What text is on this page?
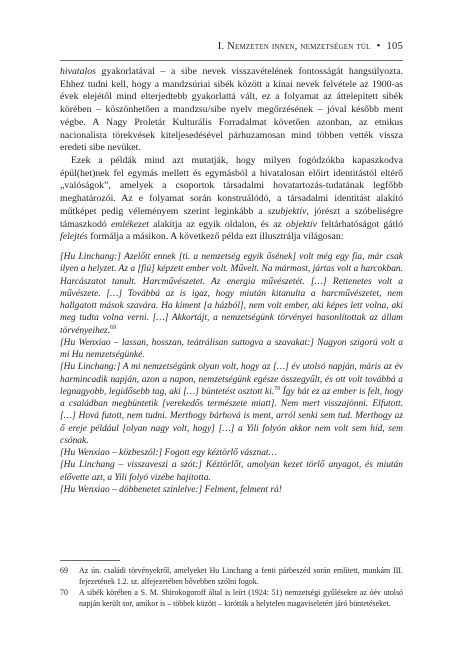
I. Nemzeten innen, nemzetségen túl • 105

hivatalos gyakorlatával – a sibe nevek visszavételének fontosságát hangsúlyozta. Ehhez tudni kell, hogy a mandzsúriai sibék között a kínai nevek felvétele az 1900-as évek elejétől mind elterjedtebb gyakorlattá vált, ez a folyamat az áttelepített sibék körében – köszönhetően a mandzsu/sibe nyelv megőrzésének – jóval később ment végbe. A Nagy Proletár Kulturális Forradalmat követően azonban, az etnikus nacionalista törekvések kiteljesedésével párhuzamosan mind többen vették vissza eredeti sibe nevüket.

Ezek a példák mind azt mutatják, hogy milyen fogódzókba kapaszkodva épül(het)nek fel egymás mellett és egymásból a hivatalosan előírt identitástól eltérő „valóságok”, amelyek a csoportok társadalmi hovatartozás-tudatának legfőbb meghatározói. Az e folyamat során konstruálódó, a társadalmi identitást alakító műtképet pedig véleményem szerint leginkább a szubjektív, jórészt a szóbeliségre támaszkodó emlékezet alakítja az egyik oldalon, és az objektív feltárhatóságot gátló felejtés formálja a másikon. A következő példa ezt illusztrálja világosan:

[Hu Linchang:] Azelőtt ennek [ti. a nemzetség egyik ősének] volt még egy fia, már csak ilyen a helyzet. Az a [fiú] képzett ember volt. Művelt. Na mármost, jártas volt a harcokban. Harcászatot tanult. Harcművészetet. Az energia művészetét. […] Rettenetes volt a művészete. […] Továbbá az is igaz, hogy miután kitanulta a harcművészetet, nem hallgatott mások szavára. Ha kiment [a házból], nem volt ember, aki képes lett volna, aki meg tudta volna verni. […] Akkortájt, a nemzetségünk törvényei hasonlítottak az állam törvényeihez.$^{69}$

[Hu Wenxiao – lassan, hosszan, teátrálisan suttogva a szavakat:] Nagyon szigorú volt a mi Hu nemzetségünké.

[Hu Linchang:] A mi nemzetségünk olyan volt, hogy az […] év utolsó napján, máris az év harmincadik napján, azon a napon, nemzetségünk egésze összegyűlt, és ott volt továbbá a legnagyobb, legidősebb tag, aki […] büntetést osztott ki.$^{70}$ Így hát ez az ember is felt, hogy a családban megbüntetik [verekedős természete miatt]. Nem mert visszajönni. Elfutott. […] Hová futott, nem tudni. Merthogy bárhová is ment, arról senki sem tud. Merthogy az ő ereje például [olyan nagy volt, hogy] […] a Yili folyón akkor nem volt sem híd, sem csónak.

[Hu Wenxiao – közbeszól:] Fogott egy kéztörlő vásznat…

[Hu Linchang – visszaveszi a szót:] Kéztörlőt, amolyan kezet törlő anyagot, és miután elővette azt, a Yili folyó vizébe hajította.

[Hu Wenxiao – döbbenetet színlelve:] Felment, felment rá!

69 Az ún. családi törvényekről, amelyeket Hu Linchang a fenti párbeszéd során említett, munkám III. fejezetének 1.2. sz. alfejezetében bővebben szólni fogok.
70 A sibék körében a S. M. Shirokogoroff által is leírt (1924: 51) nemzetségi gyűlésekre az óév utolsó napján került sor, amikor is – többek között – kirótták a helytelen magaviseletért járó büntetéseket.
